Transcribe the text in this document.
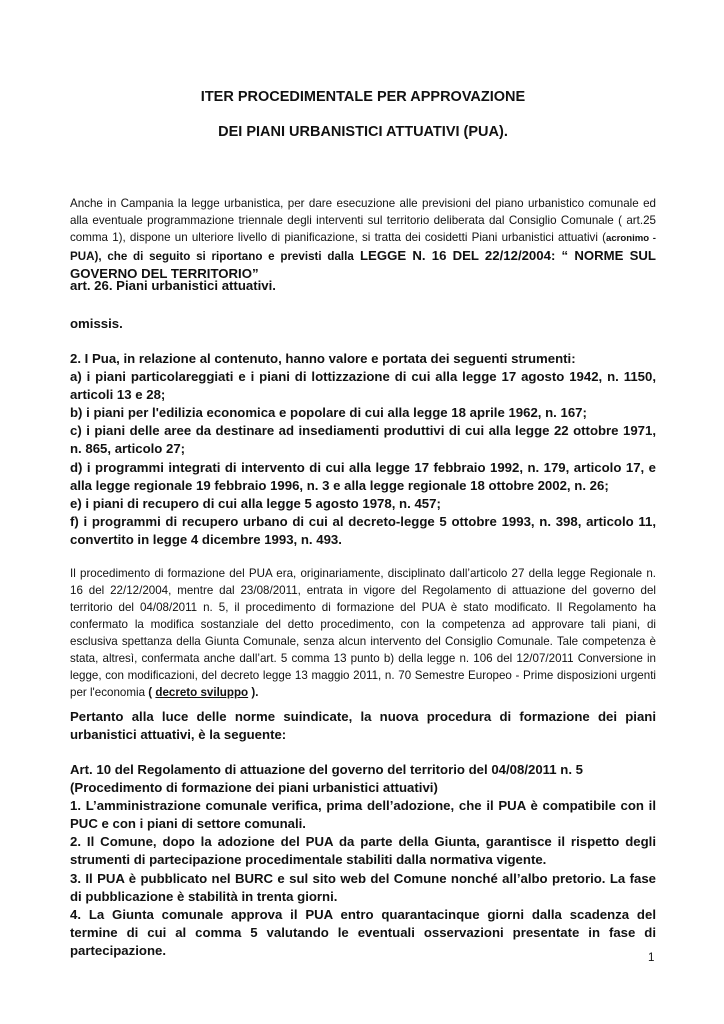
ITER PROCEDIMENTALE PER APPROVAZIONE
DEI PIANI URBANISTICI ATTUATIVI (PUA).
Anche in Campania la legge urbanistica, per dare esecuzione alle previsioni del piano urbanistico comunale ed alla eventuale programmazione triennale degli interventi sul territorio deliberata dal Consiglio Comunale ( art.25 comma 1), dispone un ulteriore livello di pianificazione, si tratta dei cosidetti Piani urbanistici attuativi (acronimo - PUA), che di seguito si riportano e previsti dalla LEGGE N. 16 DEL 22/12/2004: “ NORME SUL GOVERNO DEL TERRITORIO”
art. 26. Piani urbanistici attuativi.
omissis.
2. I Pua, in relazione al contenuto, hanno valore e portata dei seguenti strumenti:
a) i piani particolareggiati e i piani di lottizzazione di cui alla legge 17 agosto 1942, n. 1150, articoli 13 e 28;
b) i piani per l'edilizia economica e popolare di cui alla legge 18 aprile 1962, n. 167;
c) i piani delle aree da destinare ad insediamenti produttivi di cui alla legge 22 ottobre 1971, n. 865, articolo 27;
d) i programmi integrati di intervento di cui alla legge 17 febbraio 1992, n. 179, articolo 17, e alla legge regionale 19 febbraio 1996, n. 3 e alla legge regionale 18 ottobre 2002, n. 26;
e) i piani di recupero di cui alla legge 5 agosto 1978, n. 457;
f) i programmi di recupero urbano di cui al decreto-legge 5 ottobre 1993, n. 398, articolo 11, convertito in legge 4 dicembre 1993, n. 493.
Il procedimento di formazione del PUA era, originariamente, disciplinato dall’articolo 27 della legge Regionale n. 16 del 22/12/2004, mentre dal 23/08/2011, entrata in vigore del Regolamento di attuazione del governo del territorio del 04/08/2011 n. 5, il procedimento di formazione del PUA è stato modificato. Il Regolamento ha confermato la modifica sostanziale del detto procedimento, con la competenza ad approvare tali piani, di esclusiva spettanza della Giunta Comunale, senza alcun intervento del Consiglio Comunale. Tale competenza è stata, altresì, confermata anche dall’art. 5 comma 13 punto b) della legge n. 106 del 12/07/2011 Conversione in legge, con modificazioni, del decreto legge 13 maggio 2011, n. 70 Semestre Europeo - Prime disposizioni urgenti per l'economia ( decreto sviluppo ).
Pertanto alla luce delle norme suindicate, la nuova procedura di formazione dei piani urbanistici attuativi, è la seguente:
Art. 10 del Regolamento di attuazione del governo del territorio del 04/08/2011 n. 5
(Procedimento di formazione dei piani urbanistici attuativi)
1. L’amministrazione comunale verifica, prima dell’adozione, che il PUA è compatibile con il PUC e con i piani di settore comunali.
2. Il Comune, dopo la adozione del PUA da parte della Giunta, garantisce il rispetto degli strumenti di partecipazione procedimentale stabiliti dalla normativa vigente.
3. Il PUA è pubblicato nel BURC e sul sito web del Comune nonché all’albo pretorio. La fase di pubblicazione è stabilità in trenta giorni.
4. La Giunta comunale approva il PUA entro quarantacinque giorni dalla scadenza del termine di cui al comma 5 valutando le eventuali osservazioni presentate in fase di partecipazione.	1
